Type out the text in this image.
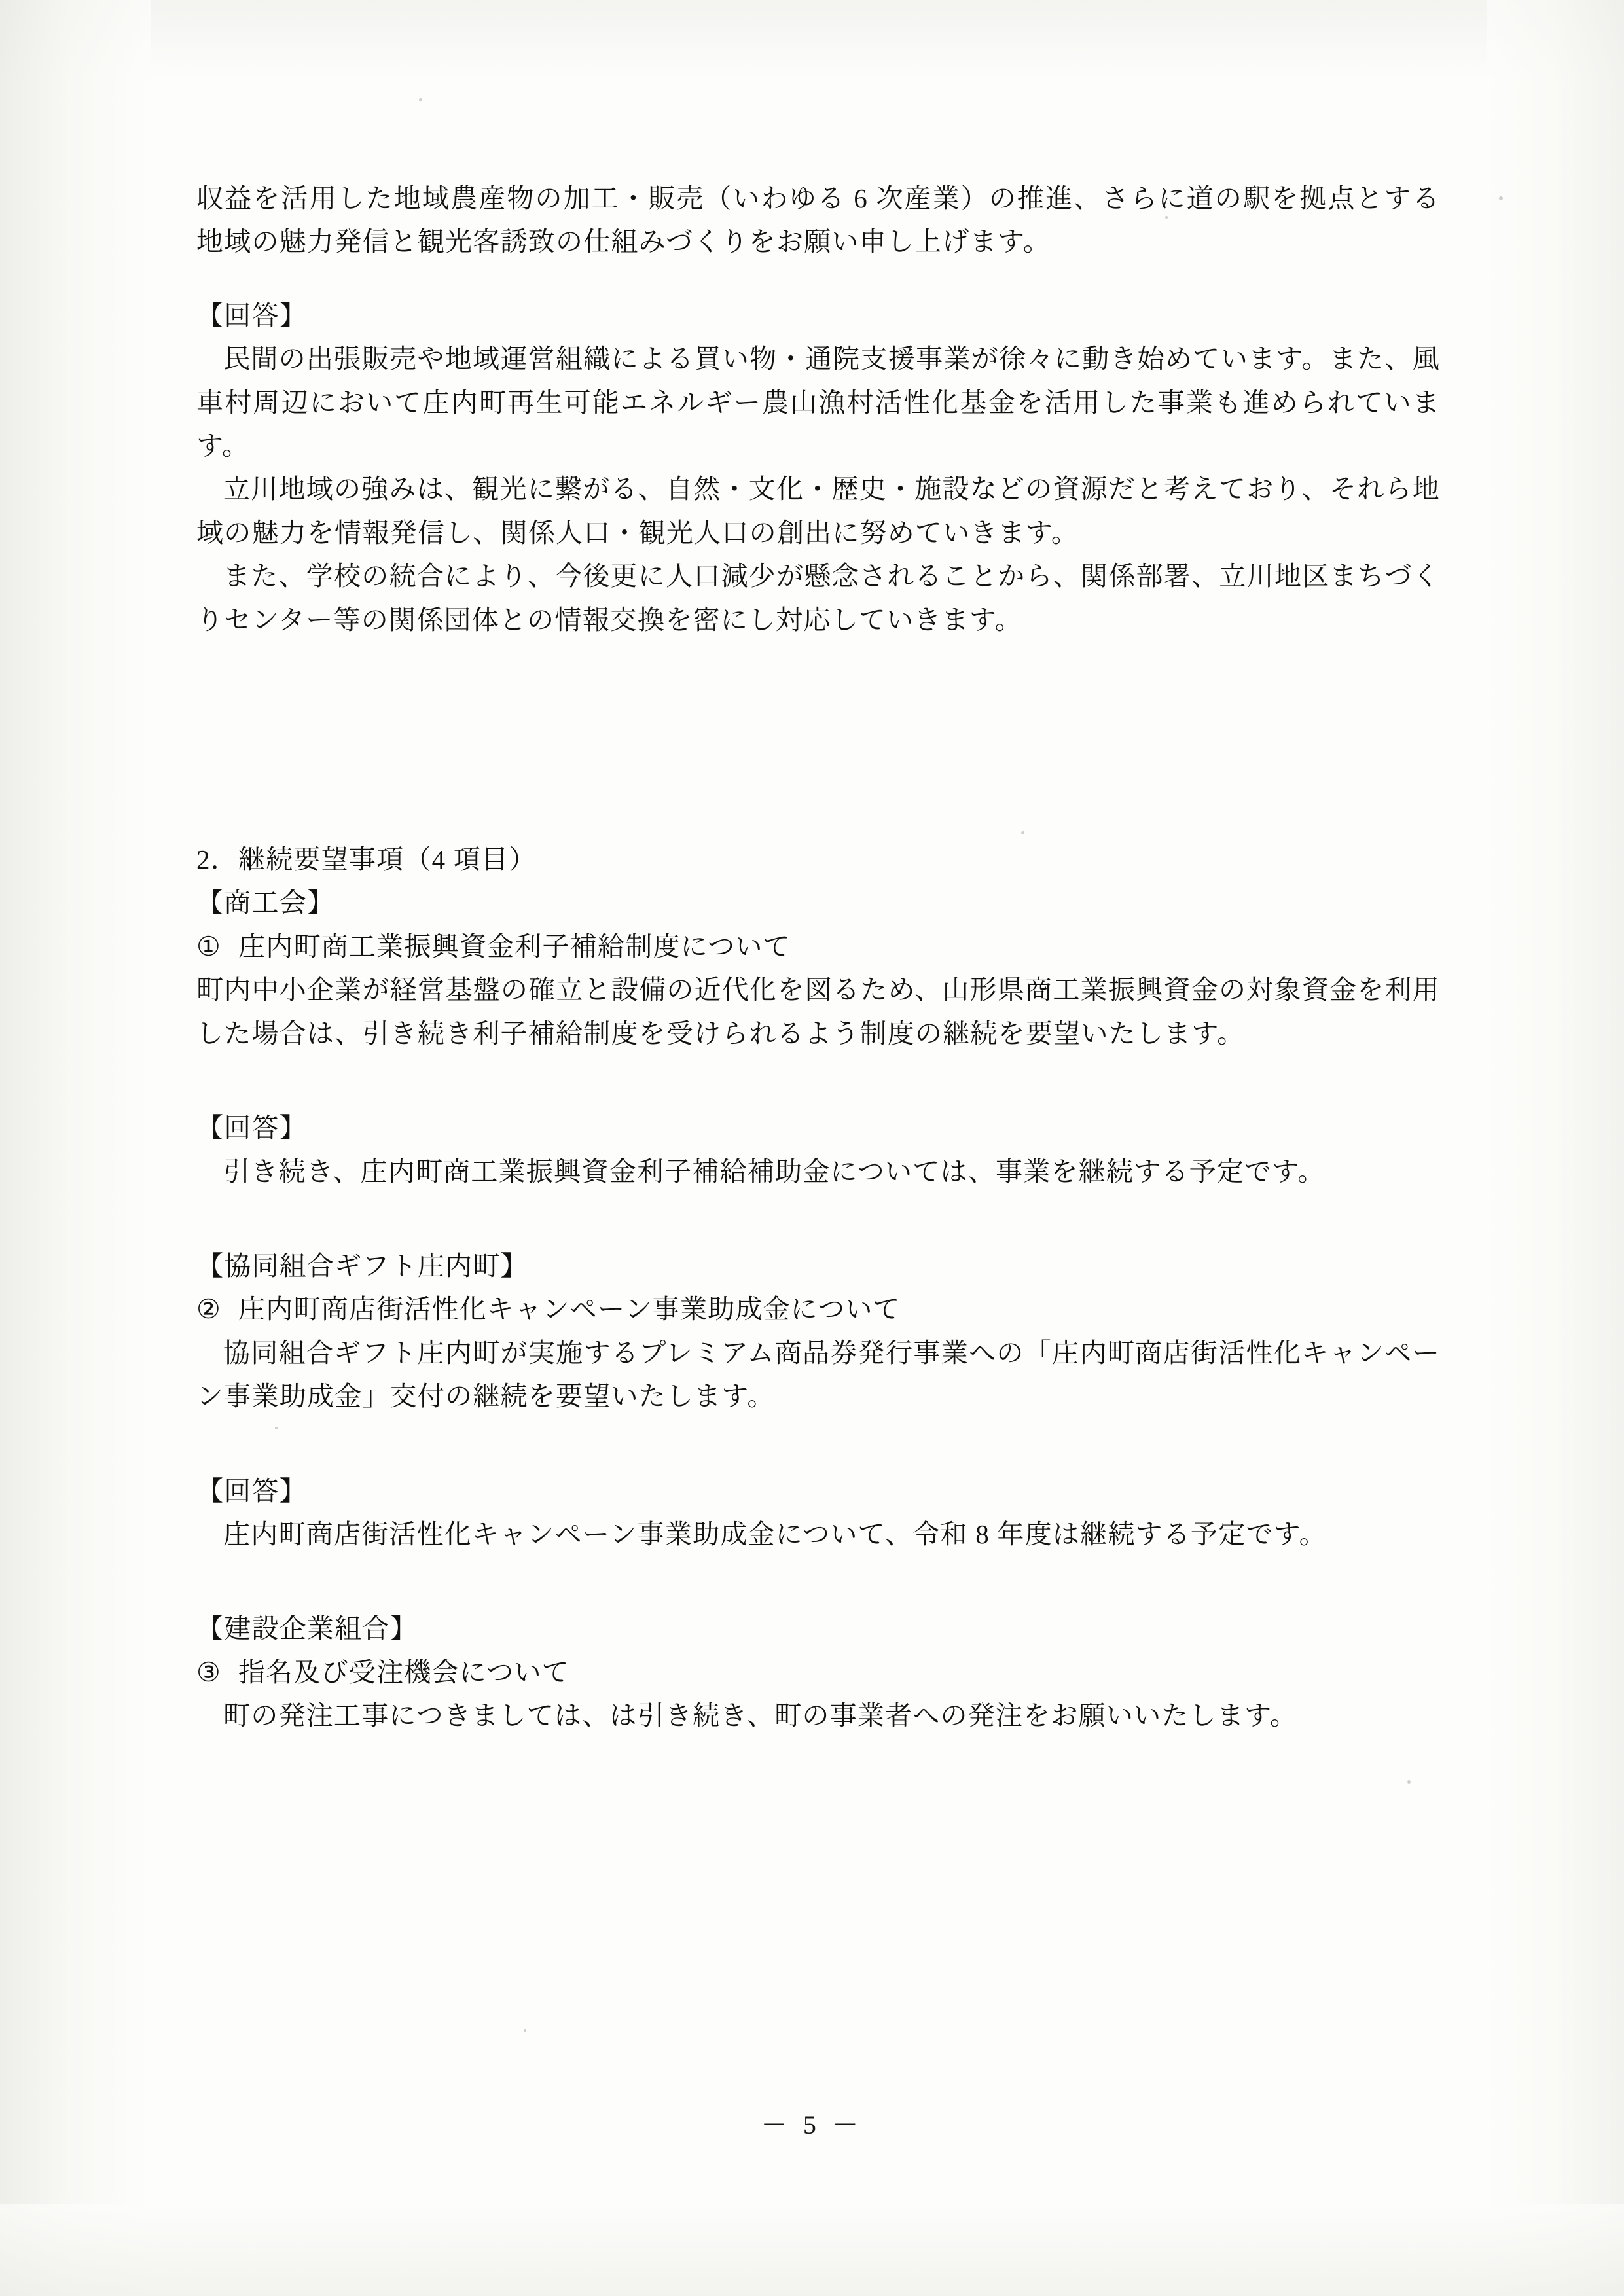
収益を活用した地域農産物の加工・販売（いわゆる 6 次産業）の推進、さらに道の駅を拠点とする地域の魅力発信と観光客誘致の仕組みづくりをお願い申し上げます。

【回答】

民間の出張販売や地域運営組織による買い物・通院支援事業が徐々に動き始めています。また、風車村周辺において庄内町再生可能エネルギー農山漁村活性化基金を活用した事業も進められています。

立川地域の強みは、観光に繋がる、自然・文化・歴史・施設などの資源だと考えており、それら地域の魅力を情報発信し、関係人口・観光人口の創出に努めていきます。

また、学校の統合により、今後更に人口減少が懸念されることから、関係部署、立川地区まちづくりセンター等の関係団体との情報交換を密にし対応していきます。

2．継続要望事項（4 項目）

【商工会】

① 庄内町商工業振興資金利子補給制度について

町内中小企業が経営基盤の確立と設備の近代化を図るため、山形県商工業振興資金の対象資金を利用した場合は、引き続き利子補給制度を受けられるよう制度の継続を要望いたします。

【回答】

引き続き、庄内町商工業振興資金利子補給補助金については、事業を継続する予定です。

【協同組合ギフト庄内町】

② 庄内町商店街活性化キャンペーン事業助成金について

協同組合ギフト庄内町が実施するプレミアム商品券発行事業への「庄内町商店街活性化キャンペーン事業助成金」交付の継続を要望いたします。

【回答】

庄内町商店街活性化キャンペーン事業助成金について、令和 8 年度は継続する予定です。

【建設企業組合】

③ 指名及び受注機会について

町の発注工事につきましては、は引き続き、町の事業者への発注をお願いいたします。

－ 5 －
